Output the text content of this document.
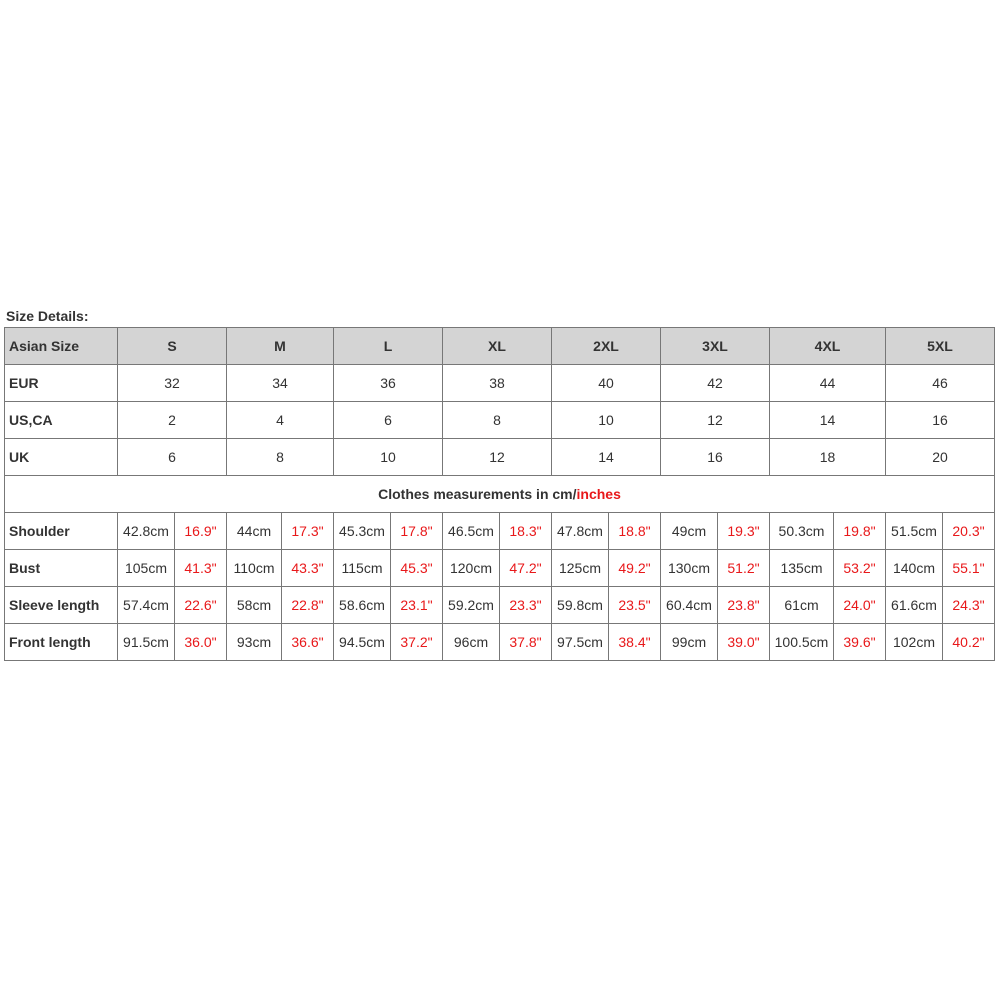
Size Details:
Asian Size	S		M		L		XL		2XL		3XL		4XL		5XL	
EUR	32		34		36		38		40		42		44		46	
US,CA	2		4		6		8		10		12		14		16	
UK	6		8		10		12		14		16		18		20	
Clothes measurements in cm/inches																
Shoulder	42.8cm	16.9"	44cm	17.3"	45.3cm	17.8"	46.5cm	18.3"	47.8cm	18.8"	49cm	19.3"	50.3cm	19.8"	51.5cm	20.3"
Bust	105cm	41.3"	110cm	43.3"	115cm	45.3"	120cm	47.2"	125cm	49.2"	130cm	51.2"	135cm	53.2"	140cm	55.1"
Sleeve length	57.4cm	22.6"	58cm	22.8"	58.6cm	23.1"	59.2cm	23.3"	59.8cm	23.5"	60.4cm	23.8"	61cm	24.0"	61.6cm	24.3"
Front length	91.5cm	36.0"	93cm	36.6"	94.5cm	37.2"	96cm	37.8"	97.5cm	38.4"	99cm	39.0"	100.5cm	39.6"	102cm	40.2"
